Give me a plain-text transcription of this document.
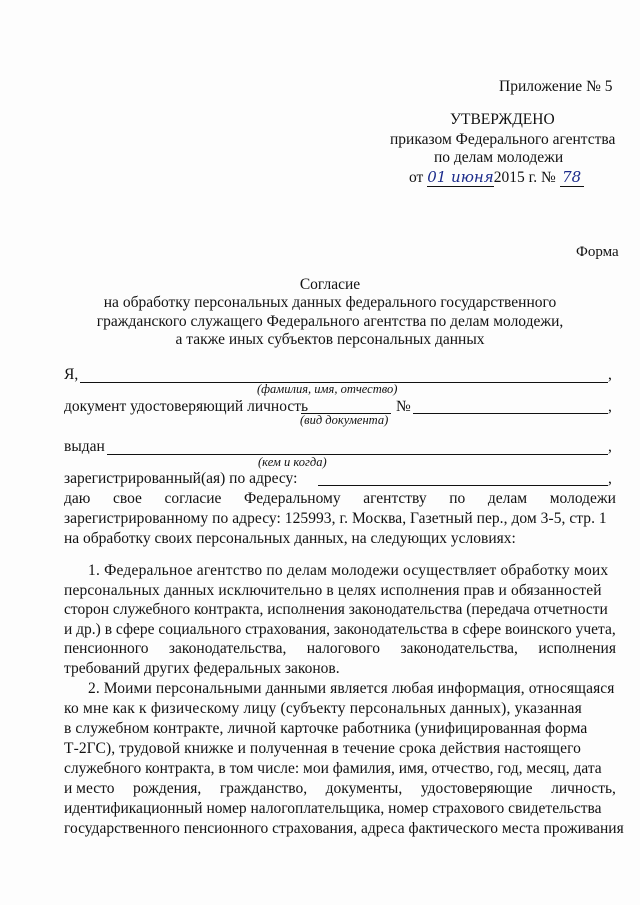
Приложение № 5
УТВЕРЖДЕНО
приказом Федерального агентства
по делам молодежи
от 01 июня2015 г. № 78
Форма
Согласие
на обработку персональных данных федерального государственного
гражданского служащего Федерального агентства по делам молодежи,
а также иных субъектов персональных данных
Я,	,
(фамилия, имя, отчество)
документ удостоверяющий личность	№	,
(вид документа)
выдан	,
(кем и когда)
зарегистрированный(ая) по адресу:	,
даю свое согласие Федеральному агентству по делам молодежи
зарегистрированному по адресу: 125993, г. Москва, Газетный пер., дом 3-5, стр. 1
на обработку своих персональных данных, на следующих условиях:
1. Федеральное агентство по делам молодежи осуществляет обработку моих
персональных данных исключительно в целях исполнения прав и обязанностей
сторон служебного контракта, исполнения законодательства (передача отчетности
и др.) в сфере социального страхования, законодательства в сфере воинского учета,
пенсионного законодательства, налогового законодательства, исполнения
требований других федеральных законов.
2. Моими персональными данными является любая информация, относящаяся
ко мне как к физическому лицу (субъекту персональных данных), указанная
в служебном контракте, личной карточке работника (унифицированная форма
Т-2ГС), трудовой книжке и полученная в течение срока действия настоящего
служебного контракта, в том числе: мои фамилия, имя, отчество, год, месяц, дата
и место рождения, гражданство, документы, удостоверяющие личность,
идентификационный номер налогоплательщика, номер страхового свидетельства
государственного пенсионного страхования, адреса фактического места проживания
